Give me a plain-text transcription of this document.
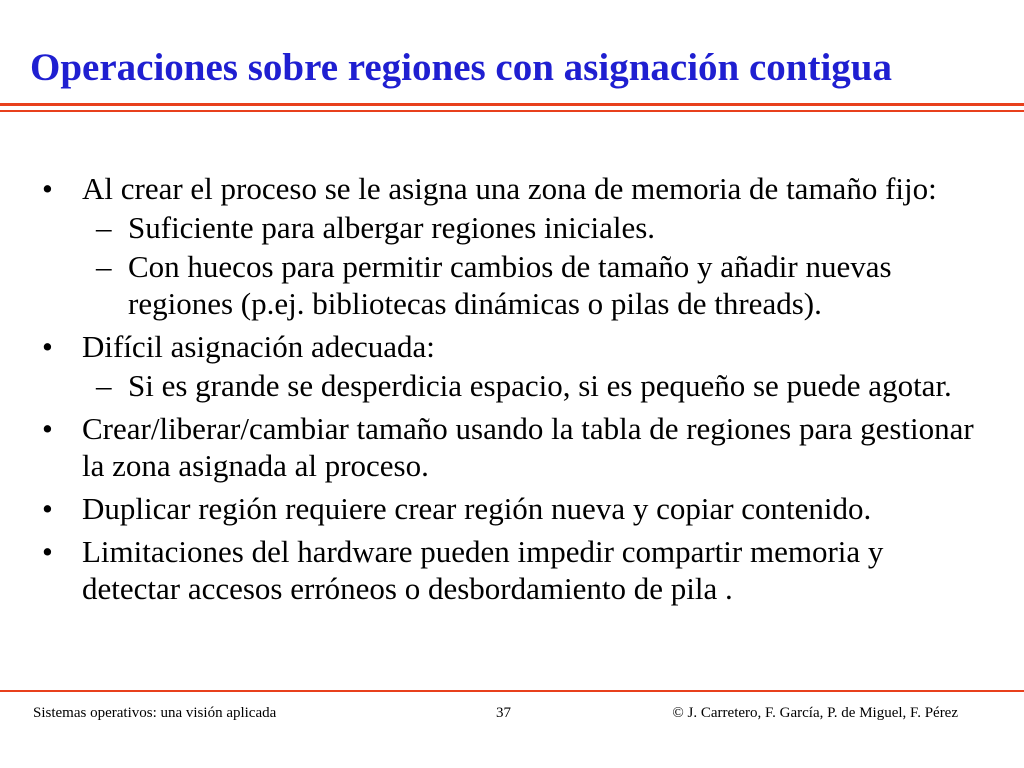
Operaciones sobre regiones con asignación contigua
• Al crear el proceso se le asigna una zona de memoria de tamaño fijo:
– Suficiente para albergar regiones iniciales.
– Con huecos para permitir cambios de tamaño y añadir nuevas regiones (p.ej. bibliotecas dinámicas o pilas de threads).
• Difícil asignación adecuada:
– Si es grande se desperdicia espacio, si es pequeño se puede agotar.
• Crear/liberar/cambiar tamaño usando la tabla de regiones para gestionar la zona asignada al proceso.
• Duplicar región requiere crear región nueva y copiar contenido.
• Limitaciones del hardware pueden impedir compartir memoria y detectar accesos erróneos o desbordamiento de pila .
Sistemas operativos: una visión aplicada	37	© J. Carretero, F. García, P. de Miguel, F. Pérez
